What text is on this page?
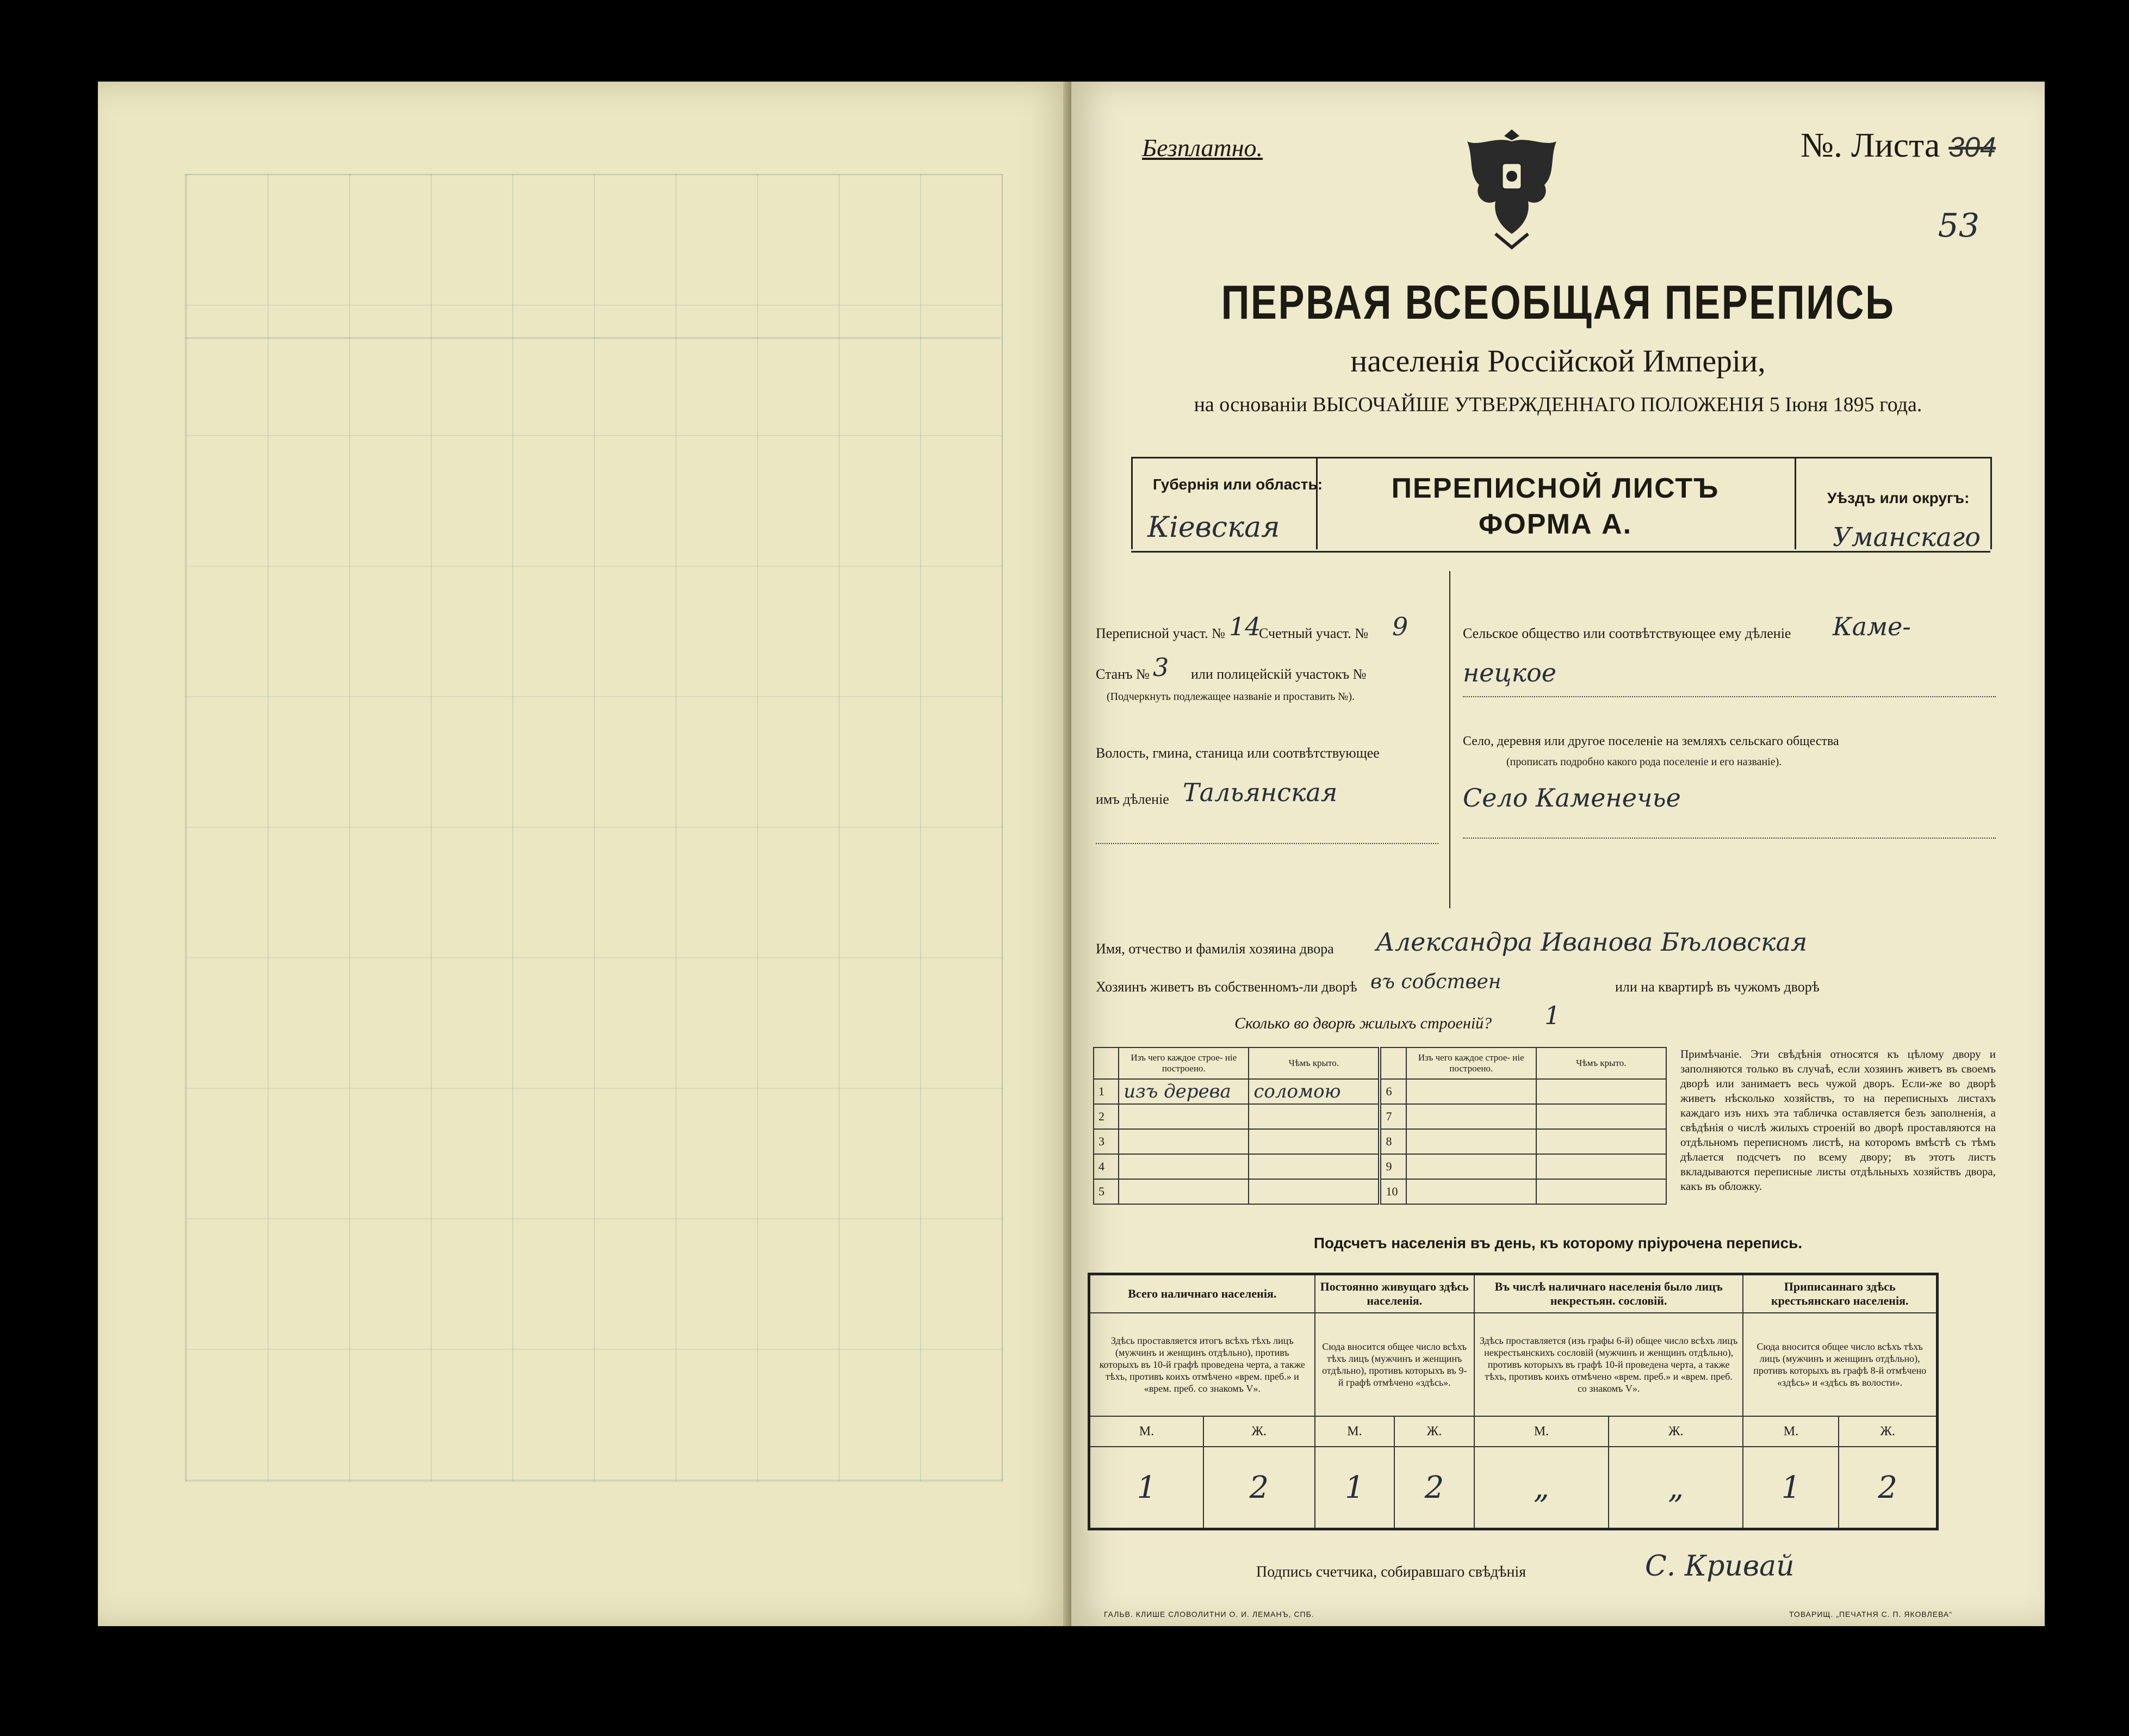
Безплатно.	№. Листа 304
53
ПЕРВАЯ ВСЕОБЩАЯ ПЕРЕПИСЬ
населенія Россійской Имперіи,
на основаніи ВЫСОЧАЙШЕ УТВЕРЖДЕННАГО ПОЛОЖЕНІЯ 5 Іюня 1895 года.
Губернія или область:
Кіевская
ПЕРЕПИСНОЙ ЛИСТЪ
ФОРМА А.
Уѣздъ или округъ:
Уманскаго
Переписной участ. № 14
Счетный участ. № 9
Станъ № 3 или полицейскій участокъ №
(Подчеркнуть подлежащее названіе и проставить №).
Волость, гмина, станица или соотвѣтствующее
имъ дѣленіе Тальянская
Сельское общество или соотвѣтствующее ему дѣленіе Каме-
нецкое
Село, деревня или другое поселеніе на земляхъ сельскаго общества
(прописать подробно какого рода поселеніе и его названіе).
Село Каменечье
Имя, отчество и фамилія хозяина двора Александра Иванова Бѣловская
Хозяинъ живетъ въ собственномъ-ли дворѣ въ собствен	или на квартирѣ въ чужомъ дворѣ
Сколько во дворѣ жилыхъ строеній? 1
	Изъ чего каждое строе- ніе построено.	Чѣмъ крыто.		Изъ чего каждое строе- ніе построено.	Чѣмъ крыто.
1	изъ дерева	соломою	6		
2			7		
3			8		
4			9		
5			10		
Примѣчаніе. Эти свѣдѣнія относятся къ цѣлому двору и заполняются только въ случаѣ, если хозяинъ живетъ въ своемъ дворѣ или занимаетъ весь чужой дворъ. Если-же во дворѣ живетъ нѣсколько хозяйствъ, то на переписныхъ листахъ каждаго изъ нихъ эта табличка оставляется безъ заполненія, а свѣдѣнія о числѣ жилыхъ строеній во дворѣ проставляются на отдѣльномъ переписномъ листѣ, на которомъ вмѣстѣ съ тѣмъ дѣлается подсчетъ по всему двору; въ этотъ листъ вкладываются переписные листы отдѣльныхъ хозяйствъ двора, какъ въ обложку.
Подсчетъ населенія въ день, къ которому пріурочена перепись.
Всего наличнаго населенія.		Постоянно живущаго здѣсь населенія.		Въ числѣ наличнаго населенія было лицъ некрестьян. сословій.		Приписаннаго здѣсь крестьянскаго населенія.	
Здѣсь проставляется итогъ всѣхъ тѣхъ лицъ (мужчинъ и женщинъ отдѣльно), противъ которыхъ въ 10-й графѣ проведена черта, а также тѣхъ, противъ коихъ отмѣчено «врем. преб.» и «врем. преб. со знакомъ V».		Сюда вносится общее число всѣхъ тѣхъ лицъ (мужчинъ и женщинъ отдѣльно), противъ которыхъ въ 9-й графѣ отмѣчено «здѣсь».		Здѣсь проставляется (изъ графы 6-й) общее число всѣхъ лицъ некрестьянскихъ сословій (мужчинъ и женщинъ отдѣльно), противъ которыхъ въ графѣ 10-й проведена черта, а также тѣхъ, противъ коихъ отмѣчено «врем. преб.» и «врем. преб. со знакомъ V».		Сюда вносится общее число всѣхъ тѣхъ лицъ (мужчинъ и женщинъ отдѣльно), противъ которыхъ въ графѣ 8-й отмѣчено «здѣсь» и «здѣсь въ волости».	
М.	Ж.	М.	Ж.	М.	Ж.	М.	Ж.
1	2	1	2	„	„	1	2
Подпись счетчика, собиравшаго свѣдѣнія	С. Кривай
ГАЛЬВ. КЛИШЕ СЛОВОЛИТНИ О. И. ЛЕМАНЪ, СПБ.	ТОВАРИЩ. „ПЕЧАТНЯ С. П. ЯКОВЛЕВА“
